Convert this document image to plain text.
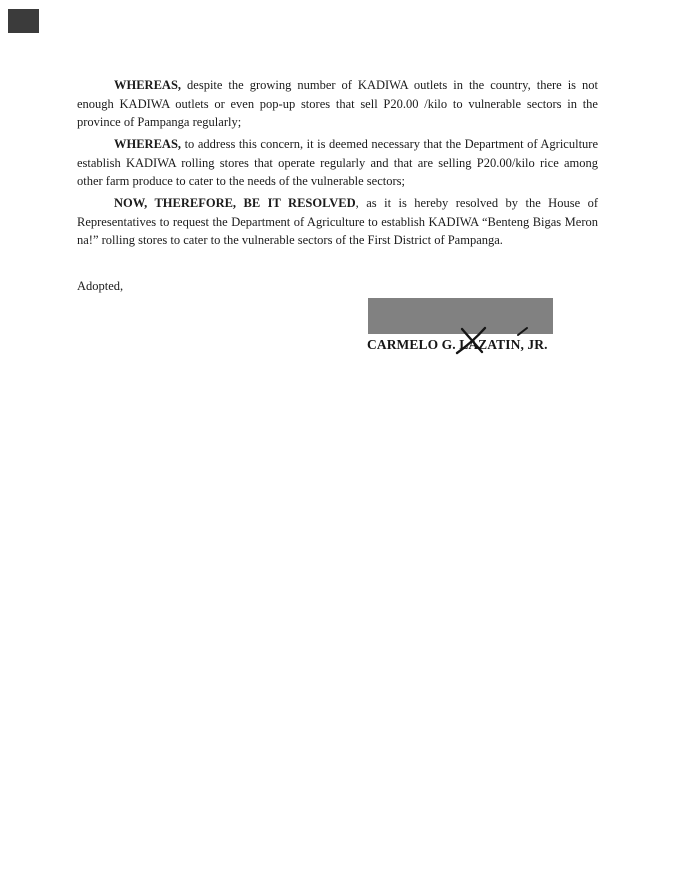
WHEREAS, despite the growing number of KADIWA outlets in the country, there is not enough KADIWA outlets or even pop-up stores that sell P20.00 /kilo to vulnerable sectors in the province of Pampanga regularly;

WHEREAS, to address this concern, it is deemed necessary that the Department of Agriculture establish KADIWA rolling stores that operate regularly and that are selling P20.00/kilo rice among other farm produce to cater to the needs of the vulnerable sectors;

NOW, THEREFORE, BE IT RESOLVED, as it is hereby resolved by the House of Representatives to request the Department of Agriculture to establish KADIWA “Benteng Bigas Meron na!” rolling stores to cater to the vulnerable sectors of the First District of Pampanga.

Adopted,

CARMELO G. LAZATIN, JR.
